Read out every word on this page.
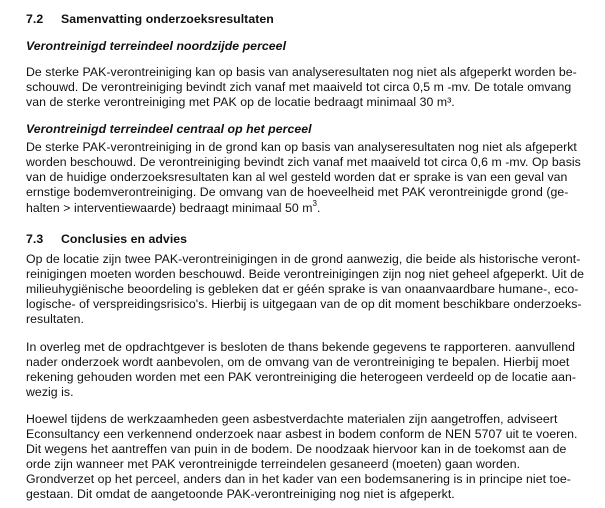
7.2 Samenvatting onderzoeksresultaten
Verontreinigd terreindeel noordzijde perceel
De sterke PAK-verontreiniging kan op basis van analyseresultaten nog niet als afgeperkt worden be-
schouwd. De verontreiniging bevindt zich vanaf met maaiveld tot circa 0,5 m -mv. De totale omvang
van de sterke verontreiniging met PAK op de locatie bedraagt minimaal 30 m³.
Verontreinigd terreindeel centraal op het perceel
De sterke PAK-verontreiniging in de grond kan op basis van analyseresultaten nog niet als afgeperkt
worden beschouwd. De verontreiniging bevindt zich vanaf met maaiveld tot circa 0,6 m -mv. Op basis
van de huidige onderzoeksresultaten kan al wel gesteld worden dat er sprake is van een geval van
ernstige bodemverontreiniging. De omvang van de hoeveelheid met PAK verontreinigde grond (ge-
halten > interventiewaarde) bedraagt minimaal 50 $m^3$.
7.3 Conclusies en advies
Op de locatie zijn twee PAK-verontreinigingen in de grond aanwezig, die beide als historische veront-
reinigingen moeten worden beschouwd. Beide verontreinigingen zijn nog niet geheel afgeperkt. Uit de
milieuhygiënische beoordeling is gebleken dat er géén sprake is van onaanvaardbare humane-, eco-
logische- of verspreidingsrisico's. Hierbij is uitgegaan van de op dit moment beschikbare onderzoeks-
resultaten.
In overleg met de opdrachtgever is besloten de thans bekende gegevens te rapporteren. aanvullend
nader onderzoek wordt aanbevolen, om de omvang van de verontreiniging te bepalen. Hierbij moet
rekening gehouden worden met een PAK verontreiniging die heterogeen verdeeld op de locatie aan-
wezig is.
Hoewel tijdens de werkzaamheden geen asbestverdachte materialen zijn aangetroffen, adviseert
Econsultancy een verkennend onderzoek naar asbest in bodem conform de NEN 5707 uit te voeren.
Dit wegens het aantreffen van puin in de bodem. De noodzaak hiervoor kan in de toekomst aan de
orde zijn wanneer met PAK verontreinigde terreindelen gesaneerd (moeten) gaan worden.
Grondverzet op het perceel, anders dan in het kader van een bodemsanering is in principe niet toe-
gestaan. Dit omdat de aangetoonde PAK-verontreiniging nog niet is afgeperkt.
